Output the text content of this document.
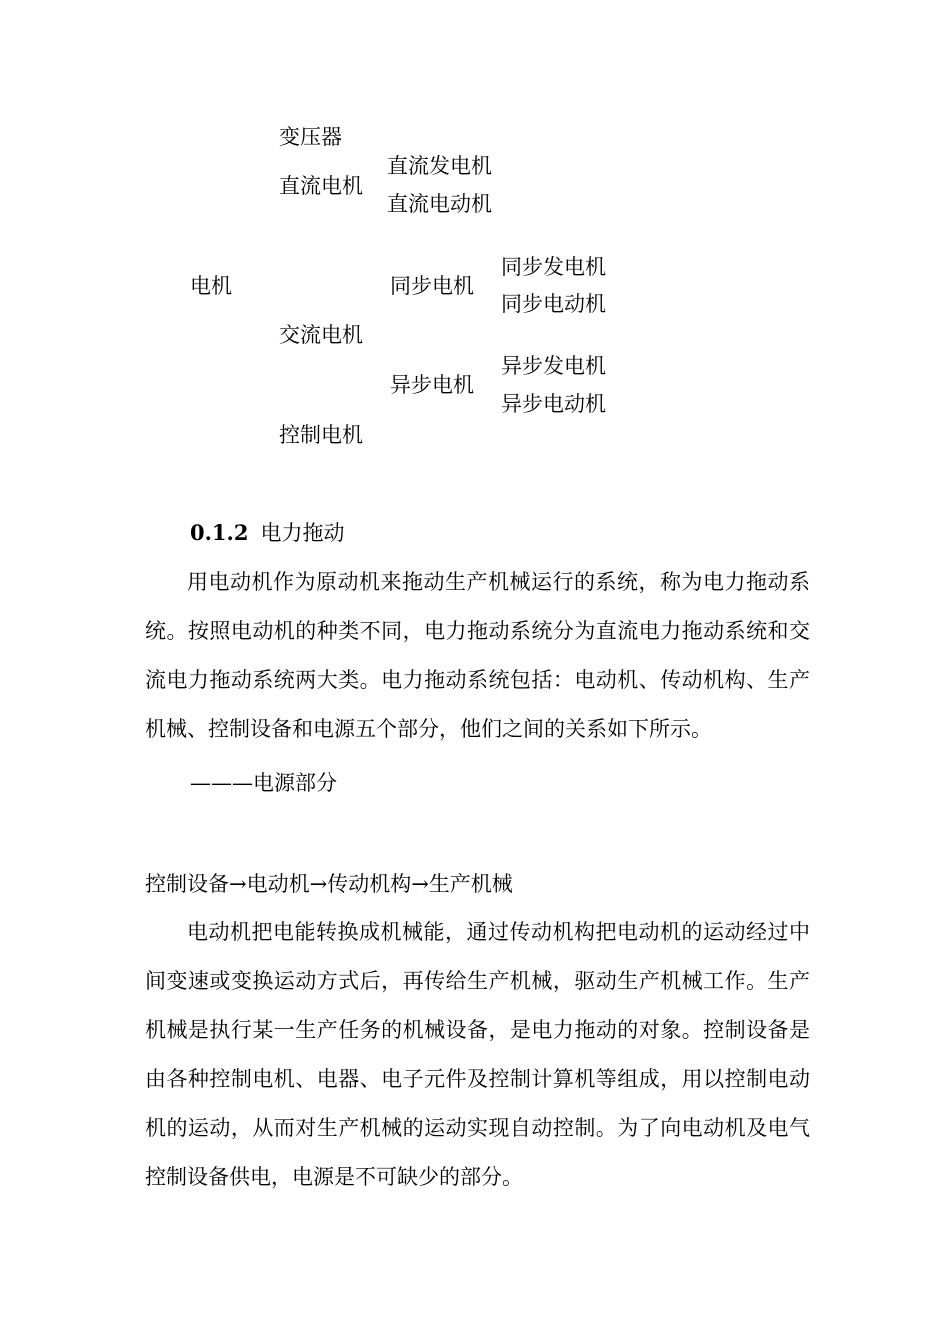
变压器
直流电机
直流发电机
直流电动机
电机	同步电机
同步发电机
同步电动机
交流电机
异步电机
异步发电机
异步电动机
控制电机
0.1.2 电力拖动

用电动机作为原动机来拖动生产机械运行的系统，称为电力拖动系统。按照电动机的种类不同，电力拖动系统分为直流电力拖动系统和交流电力拖动系统两大类。电力拖动系统包括：电动机、传动机构、生产机械、控制设备和电源五个部分，他们之间的关系如下所示。

———电源部分
控制设备→电动机→传动机构→生产机械

电动机把电能转换成机械能，通过传动机构把电动机的运动经过中间变速或变换运动方式后，再传给生产机械，驱动生产机械工作。生产机械是执行某一生产任务的机械设备，是电力拖动的对象。控制设备是由各种控制电机、电器、电子元件及控制计算机等组成，用以控制电动机的运动，从而对生产机械的运动实现自动控制。为了向电动机及电气控制设备供电，电源是不可缺少的部分。
